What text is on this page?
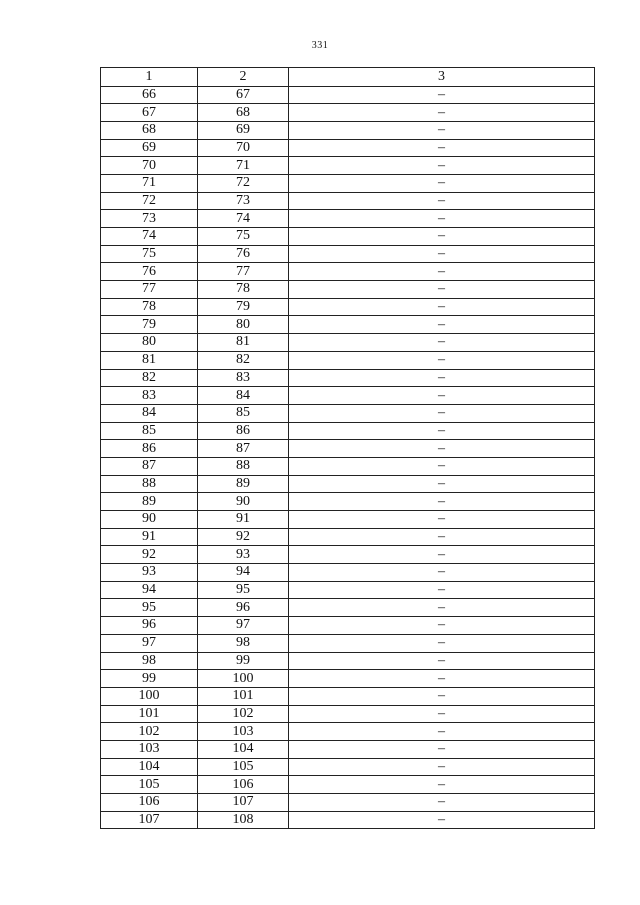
331
1	2	3
66	67	–
67	68	–
68	69	–
69	70	–
70	71	–
71	72	–
72	73	–
73	74	–
74	75	–
75	76	–
76	77	–
77	78	–
78	79	–
79	80	–
80	81	–
81	82	–
82	83	–
83	84	–
84	85	–
85	86	–
86	87	–
87	88	–
88	89	–
89	90	–
90	91	–
91	92	–
92	93	–
93	94	–
94	95	–
95	96	–
96	97	–
97	98	–
98	99	–
99	100	–
100	101	–
101	102	–
102	103	–
103	104	–
104	105	–
105	106	–
106	107	–
107	108	–
